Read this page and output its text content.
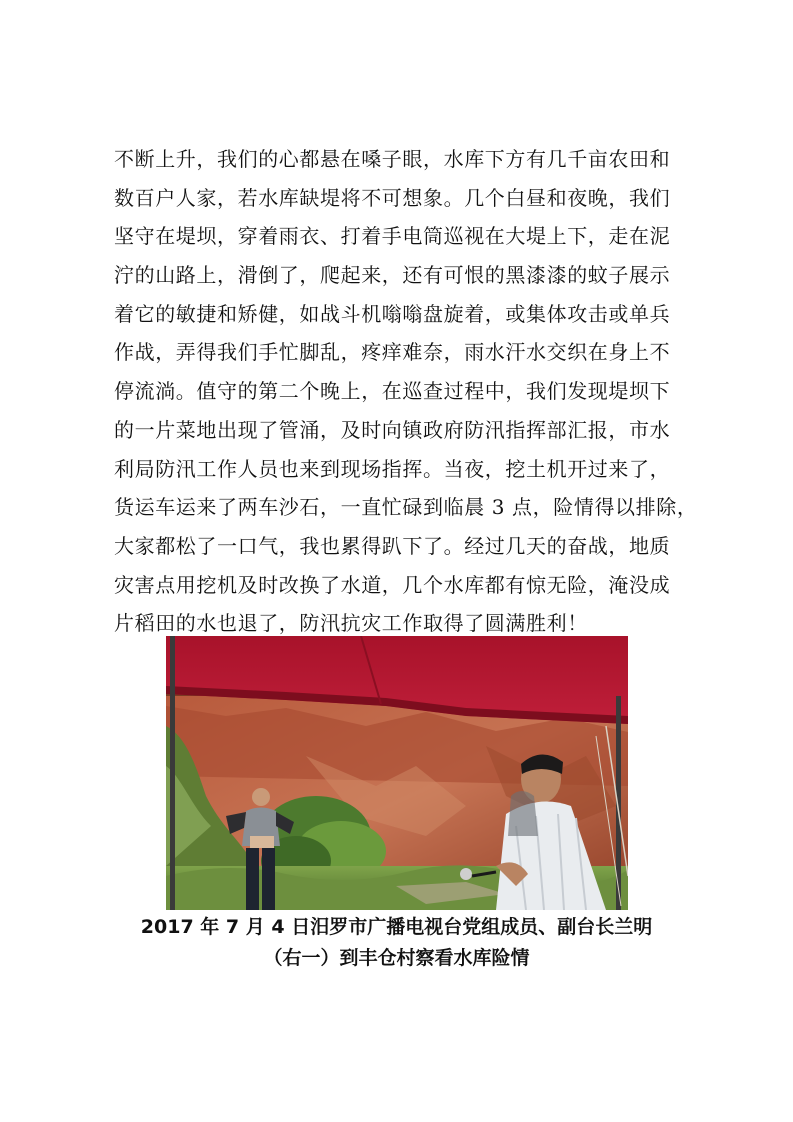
不断上升，我们的心都悬在嗓子眼，水库下方有几千亩农田和
数百户人家，若水库缺堤将不可想象。几个白昼和夜晚，我们
坚守在堤坝，穿着雨衣、打着手电筒巡视在大堤上下，走在泥
泞的山路上，滑倒了，爬起来，还有可恨的黑漆漆的蚊子展示
着它的敏捷和矫健，如战斗机嗡嗡盘旋着，或集体攻击或单兵
作战，弄得我们手忙脚乱，疼痒难奈，雨水汗水交织在身上不
停流淌。值守的第二个晚上，在巡查过程中，我们发现堤坝下
的一片菜地出现了管涌，及时向镇政府防汛指挥部汇报，市水
利局防汛工作人员也来到现场指挥。当夜，挖土机开过来了，
货运车运来了两车沙石，一直忙碌到临晨 3 点，险情得以排除，
大家都松了一口气，我也累得趴下了。经过几天的奋战，地质
灾害点用挖机及时改换了水道，几个水库都有惊无险，淹没成
片稻田的水也退了，防汛抗灾工作取得了圆满胜利！
2017 年 7 月 4 日汨罗市广播电视台党组成员、副台长兰明
（右一）到丰仓村察看水库险情
